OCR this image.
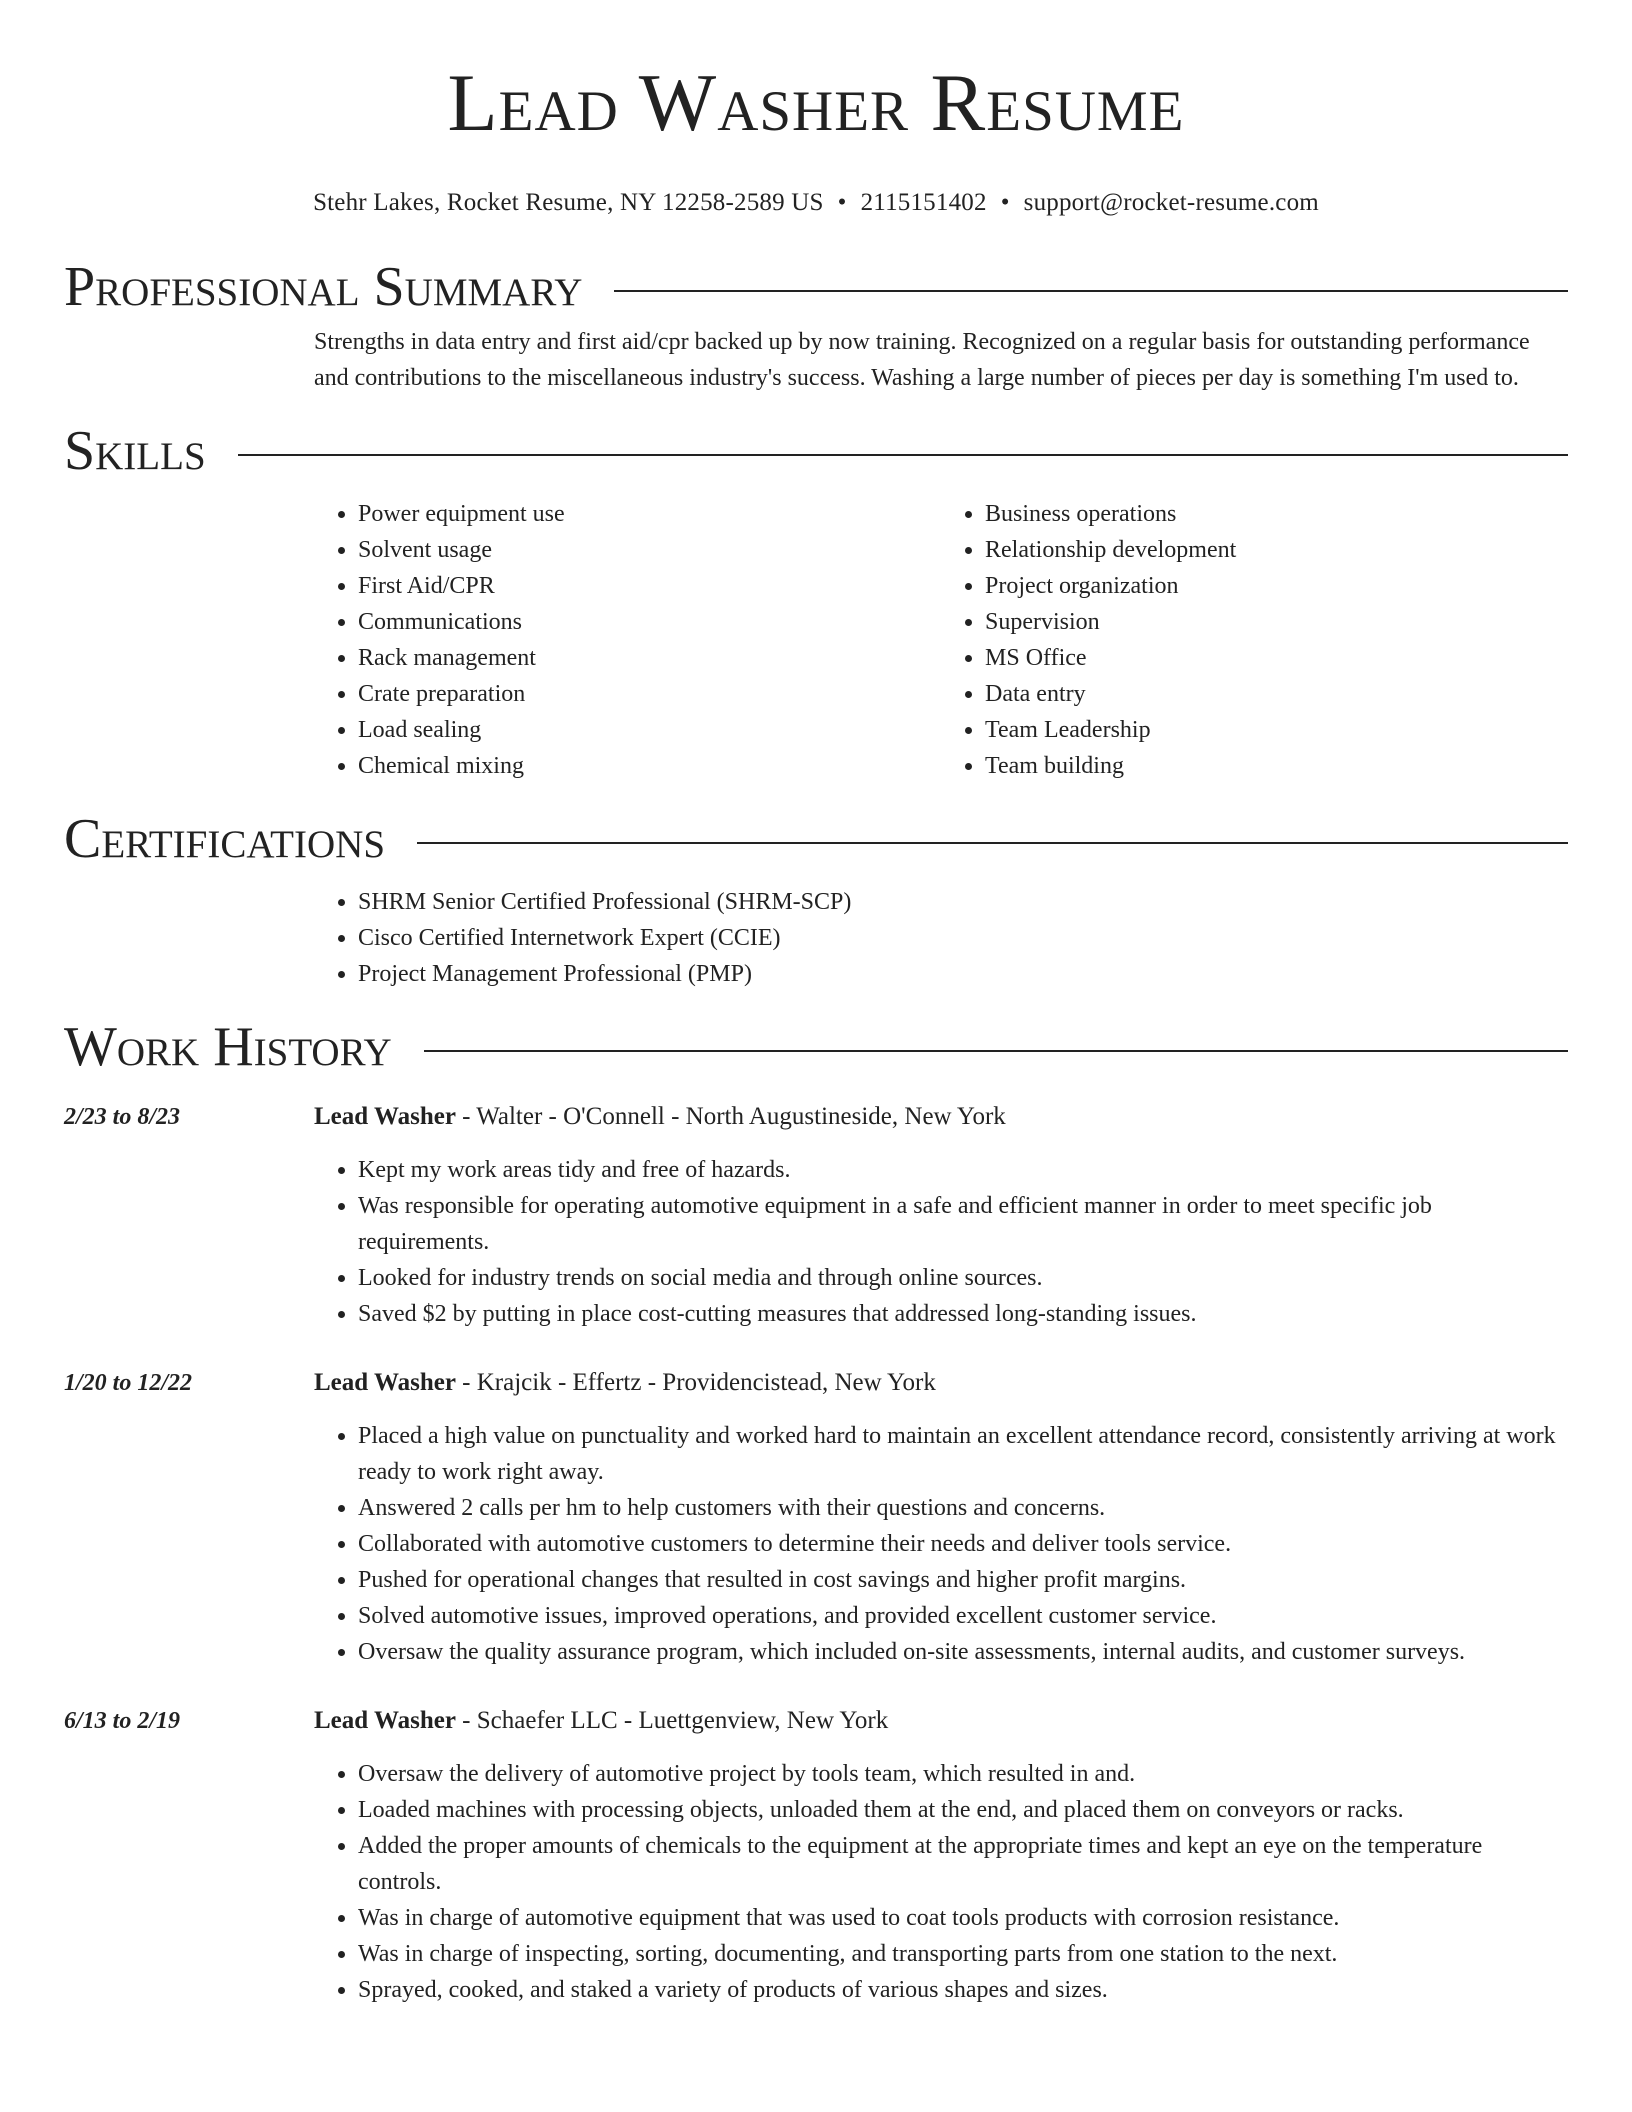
Lead Washer Resume
Stehr Lakes, Rocket Resume, NY 12258-2589 US • 2115151402 • support@rocket-resume.com
Professional Summary

Strengths in data entry and first aid/cpr backed up by now training. Recognized on a regular basis for outstanding performance and contributions to the miscellaneous industry's success. Washing a large number of pieces per day is something I'm used to.

Skills
• Power equipment use
• Solvent usage
• First Aid/CPR
• Communications
• Rack management
• Crate preparation
• Load sealing
• Chemical mixing
• Business operations
• Relationship development
• Project organization
• Supervision
• MS Office
• Data entry
• Team Leadership
• Team building
Certifications
• SHRM Senior Certified Professional (SHRM-SCP)
• Cisco Certified Internetwork Expert (CCIE)
• Project Management Professional (PMP)
Work History
2/23 to 8/23	Lead Washer - Walter - O'Connell - North Augustineside, New York
• Kept my work areas tidy and free of hazards.
• Was responsible for operating automotive equipment in a safe and efficient manner in order to meet specific job requirements.
• Looked for industry trends on social media and through online sources.
• Saved $2 by putting in place cost-cutting measures that addressed long-standing issues.
1/20 to 12/22	Lead Washer - Krajcik - Effertz - Providencistead, New York
• Placed a high value on punctuality and worked hard to maintain an excellent attendance record, consistently arriving at work ready to work right away.
• Answered 2 calls per hm to help customers with their questions and concerns.
• Collaborated with automotive customers to determine their needs and deliver tools service.
• Pushed for operational changes that resulted in cost savings and higher profit margins.
• Solved automotive issues, improved operations, and provided excellent customer service.
• Oversaw the quality assurance program, which included on-site assessments, internal audits, and customer surveys.
6/13 to 2/19	Lead Washer - Schaefer LLC - Luettgenview, New York
• Oversaw the delivery of automotive project by tools team, which resulted in and.
• Loaded machines with processing objects, unloaded them at the end, and placed them on conveyors or racks.
• Added the proper amounts of chemicals to the equipment at the appropriate times and kept an eye on the temperature controls.
• Was in charge of automotive equipment that was used to coat tools products with corrosion resistance.
• Was in charge of inspecting, sorting, documenting, and transporting parts from one station to the next.
• Sprayed, cooked, and staked a variety of products of various shapes and sizes.
